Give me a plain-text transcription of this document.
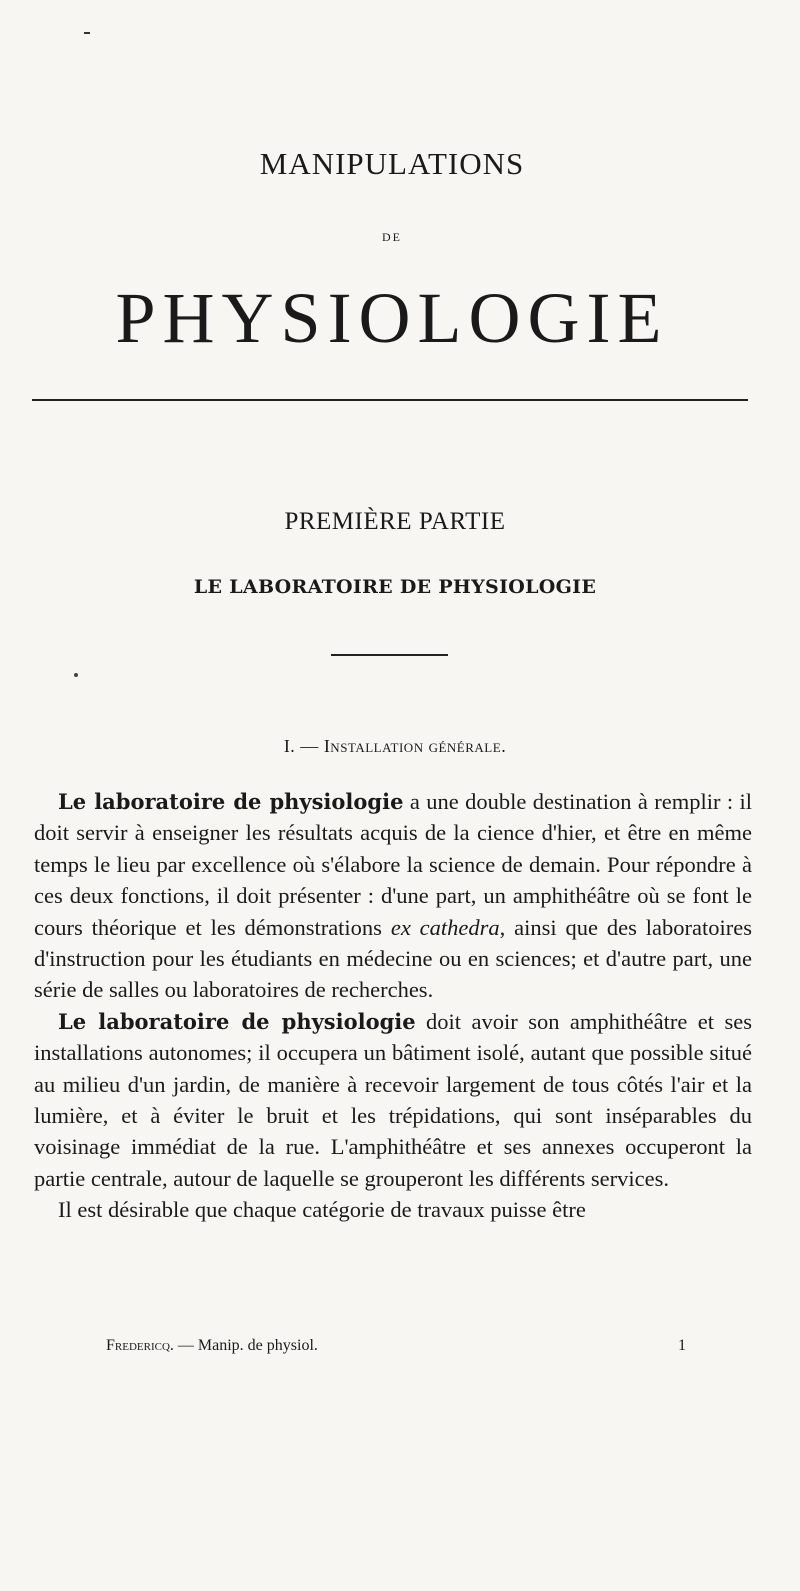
MANIPULATIONS
DE
PHYSIOLOGIE
PREMIÈRE PARTIE
LE LABORATOIRE DE PHYSIOLOGIE
I. — Installation générale.

Le laboratoire de physiologie a une double destination à remplir : il doit servir à enseigner les résultats acquis de la cience d'hier, et être en même temps le lieu par excellence où s'élabore la science de demain. Pour répondre à ces deux fonctions, il doit présenter : d'une part, un amphithéâtre où se font le cours théorique et les démonstrations ex cathedra, ainsi que des laboratoires d'instruction pour les étudiants en médecine ou en sciences; et d'autre part, une série de salles ou laboratoires de recherches.

Le laboratoire de physiologie doit avoir son amphithéâtre et ses installations autonomes; il occupera un bâtiment isolé, autant que possible situé au milieu d'un jardin, de manière à recevoir largement de tous côtés l'air et la lumière, et à éviter le bruit et les trépidations, qui sont inséparables du voisinage immédiat de la rue. L'amphithéâtre et ses annexes occuperont la partie centrale, autour de laquelle se grouperont les différents services.

Il est désirable que chaque catégorie de travaux puisse être

Fredericq. — Manip. de physiol.	1
